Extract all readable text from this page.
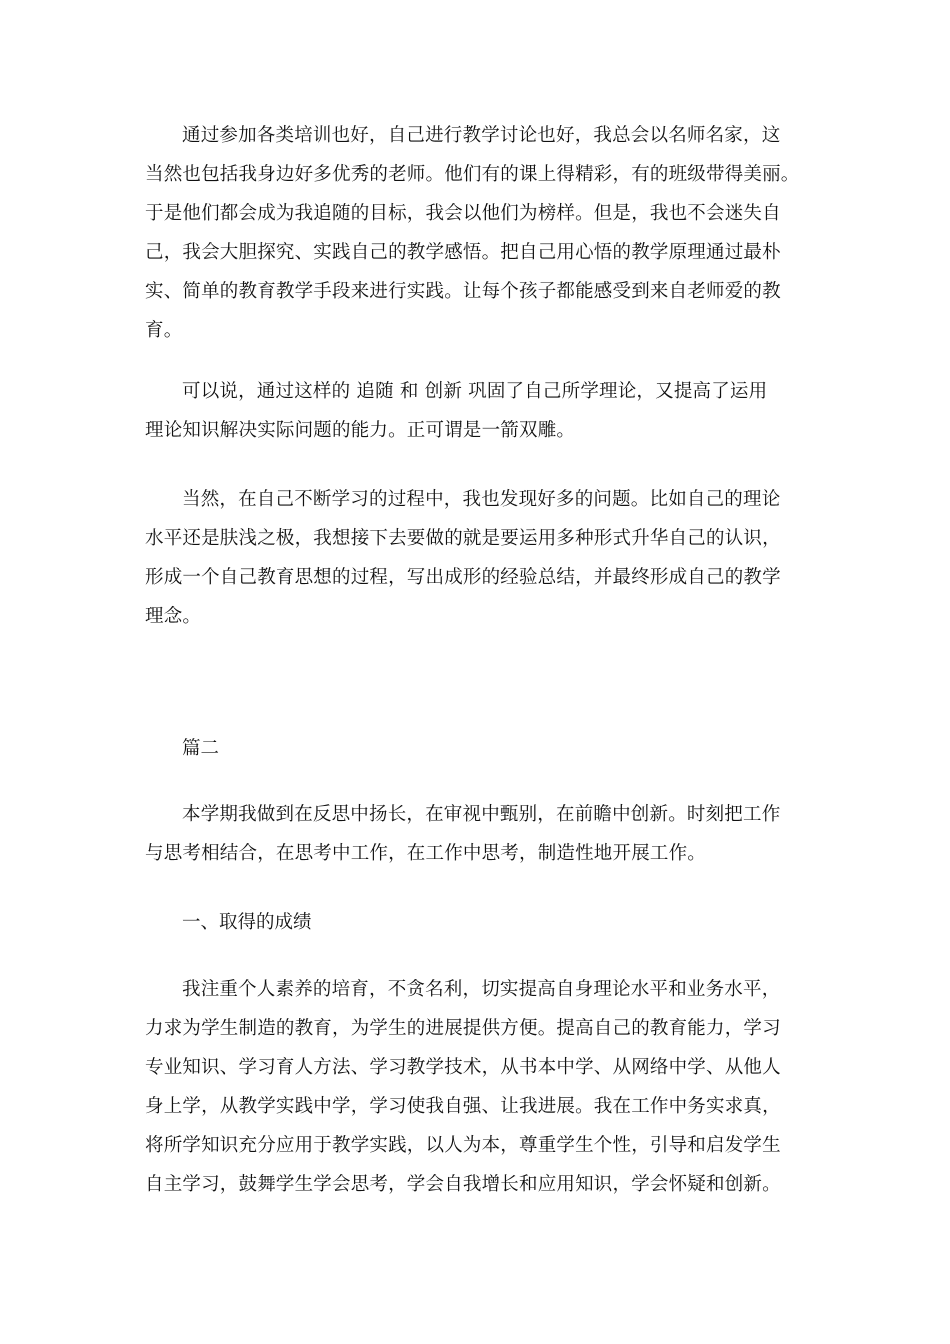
通过参加各类培训也好，自己进行教学讨论也好，我总会以名师名家，这
当然也包括我身边好多优秀的老师。他们有的课上得精彩，有的班级带得美丽。
于是他们都会成为我追随的目标，我会以他们为榜样。但是，我也不会迷失自
己，我会大胆探究、实践自己的教学感悟。把自己用心悟的教学原理通过最朴
实、简单的教育教学手段来进行实践。让每个孩子都能感受到来自老师爱的教
育。
可以说，通过这样的 追随 和 创新 巩固了自己所学理论，又提高了运用
理论知识解决实际问题的能力。正可谓是一箭双雕。
当然，在自己不断学习的过程中，我也发现好多的问题。比如自己的理论
水平还是肤浅之极，我想接下去要做的就是要运用多种形式升华自己的认识，
形成一个自己教育思想的过程，写出成形的经验总结，并最终形成自己的教学
理念。
篇二
本学期我做到在反思中扬长，在审视中甄别，在前瞻中创新。时刻把工作
与思考相结合，在思考中工作，在工作中思考，制造性地开展工作。
一、取得的成绩
我注重个人素养的培育，不贪名利，切实提高自身理论水平和业务水平，
力求为学生制造的教育，为学生的进展提供方便。提高自己的教育能力，学习
专业知识、学习育人方法、学习教学技术，从书本中学、从网络中学、从他人
身上学，从教学实践中学，学习使我自强、让我进展。我在工作中务实求真，
将所学知识充分应用于教学实践，以人为本，尊重学生个性，引导和启发学生
自主学习，鼓舞学生学会思考，学会自我增长和应用知识，学会怀疑和创新。
